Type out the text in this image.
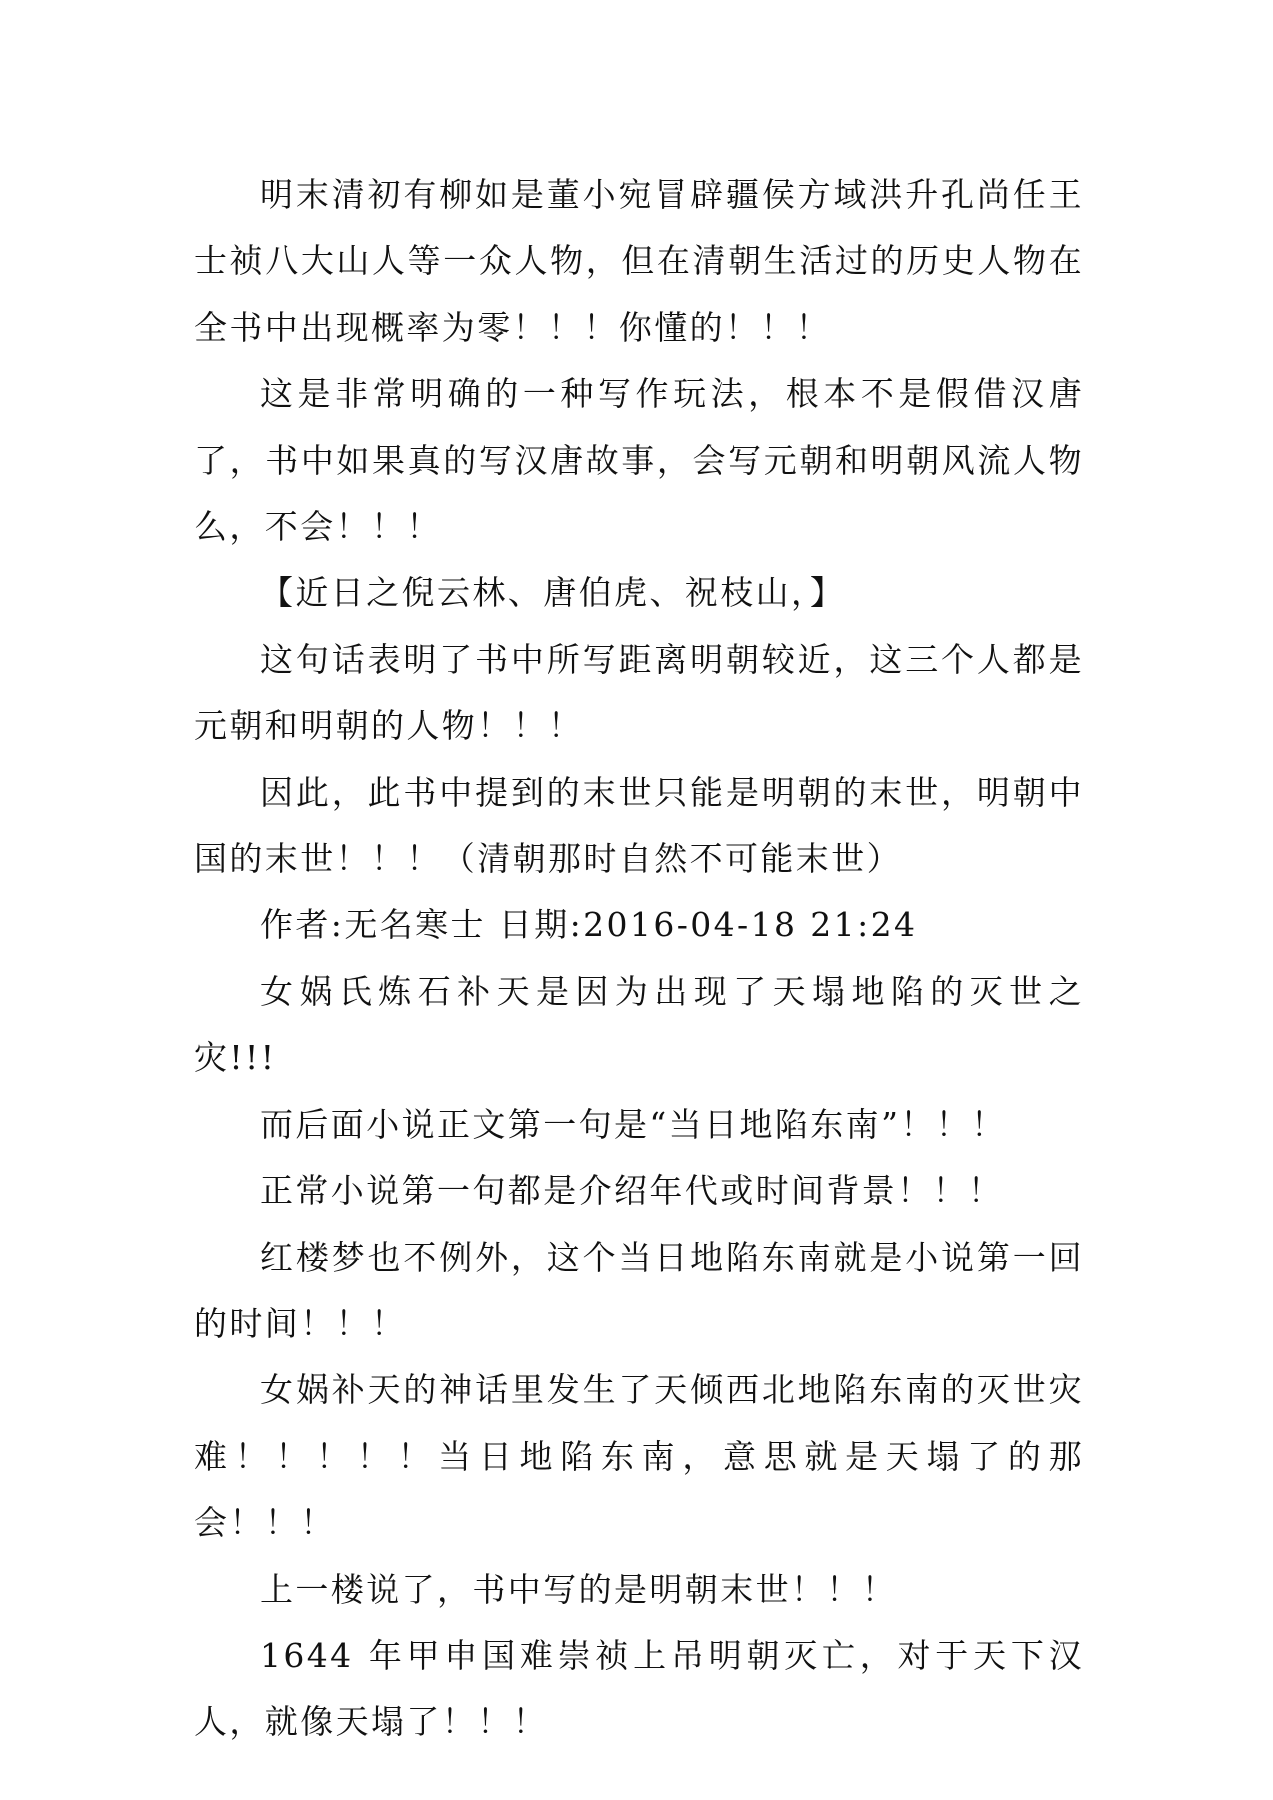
明末清初有柳如是董小宛冒辟疆侯方域洪升孔尚任王士祯八大山人等一众人物，但在清朝生活过的历史人物在全书中出现概率为零！！！你懂的！！！

这是非常明确的一种写作玩法，根本不是假借汉唐了，书中如果真的写汉唐故事，会写元朝和明朝风流人物么，不会！！！

【近日之倪云林、唐伯虎、祝枝山，】

这句话表明了书中所写距离明朝较近，这三个人都是元朝和明朝的人物！！！

因此，此书中提到的末世只能是明朝的末世，明朝中国的末世！！！（清朝那时自然不可能末世）

作者:无名寒士 日期:2016-04-18 21:24

女娲氏炼石补天是因为出现了天塌地陷的灭世之灾!!!

而后面小说正文第一句是“当日地陷东南”！！！

正常小说第一句都是介绍年代或时间背景！！！

红楼梦也不例外，这个当日地陷东南就是小说第一回的时间！！！

女娲补天的神话里发生了天倾西北地陷东南的灭世灾难！！！！！当日地陷东南，意思就是天塌了的那会！！！

上一楼说了，书中写的是明朝末世！！！

1644 年甲申国难崇祯上吊明朝灭亡，对于天下汉人，就像天塌了！！！
